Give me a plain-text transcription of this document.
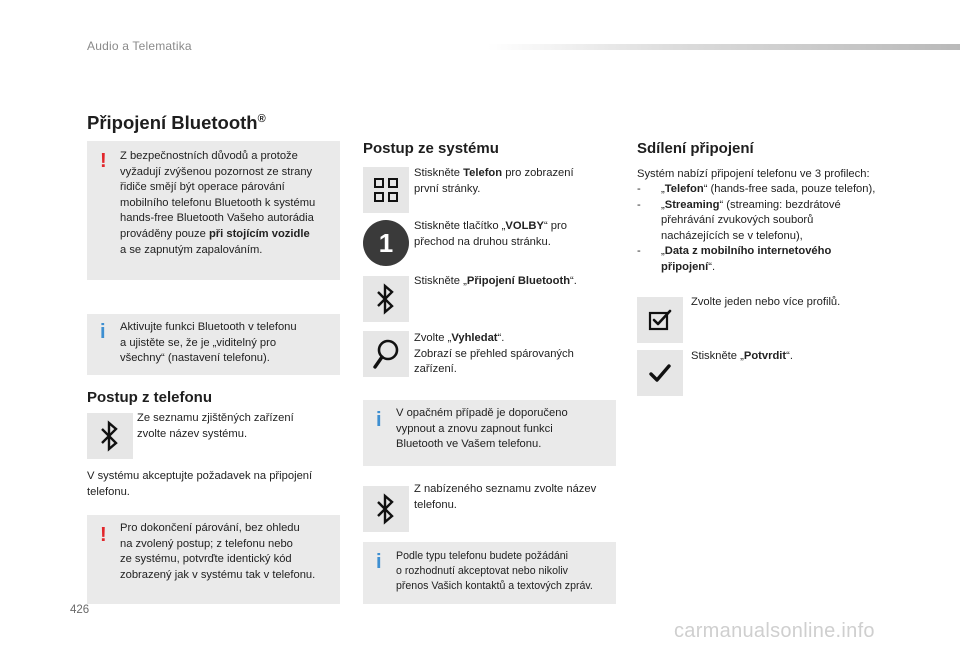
Audio a Telematika
Připojení Bluetooth®
! Z bezpečnostních důvodů a protože
vyžadují zvýšenou pozornost ze strany
řidiče smějí být operace párování
mobilního telefonu Bluetooth k systému
hands-free Bluetooth Vašeho autorádia
prováděny pouze při stojícím vozidle
a se zapnutým zapalováním.
i Aktivujte funkci Bluetooth v telefonu
a ujistěte se, že je „viditelný pro
všechny“ (nastavení telefonu).
Postup z telefonu
Ze seznamu zjištěných zařízení
zvolte název systému.
V systému akceptujte požadavek na připojení
telefonu.
! Pro dokončení párování, bez ohledu
na zvolený postup; z telefonu nebo
ze systému, potvrďte identický kód
zobrazený jak v systému tak v telefonu.
Postup ze systému
Stiskněte Telefon pro zobrazení
první stránky.
1
Stiskněte tlačítko „VOLBY“ pro
přechod na druhou stránku.
Stiskněte „Připojení Bluetooth“.
Zvolte „Vyhledat“.
Zobrazí se přehled spárovaných
zařízení.
i V opačném případě je doporučeno
vypnout a znovu zapnout funkci
Bluetooth ve Vašem telefonu.
Z nabízeného seznamu zvolte název
telefonu.
i Podle typu telefonu budete požádáni
o rozhodnutí akceptovat nebo nikoliv
přenos Vašich kontaktů a textových zpráv.
Sdílení připojení
Systém nabízí připojení telefonu ve 3 profilech:
- „Telefon“ (hands-free sada, pouze telefon),
- „Streaming“ (streaming: bezdrátové
přehrávání zvukových souborů
nacházejících se v telefonu),
- „Data z mobilního internetového
připojení“.
Zvolte jeden nebo více profilů.
Stiskněte „Potvrdit“.
426
carmanualsonline.info
